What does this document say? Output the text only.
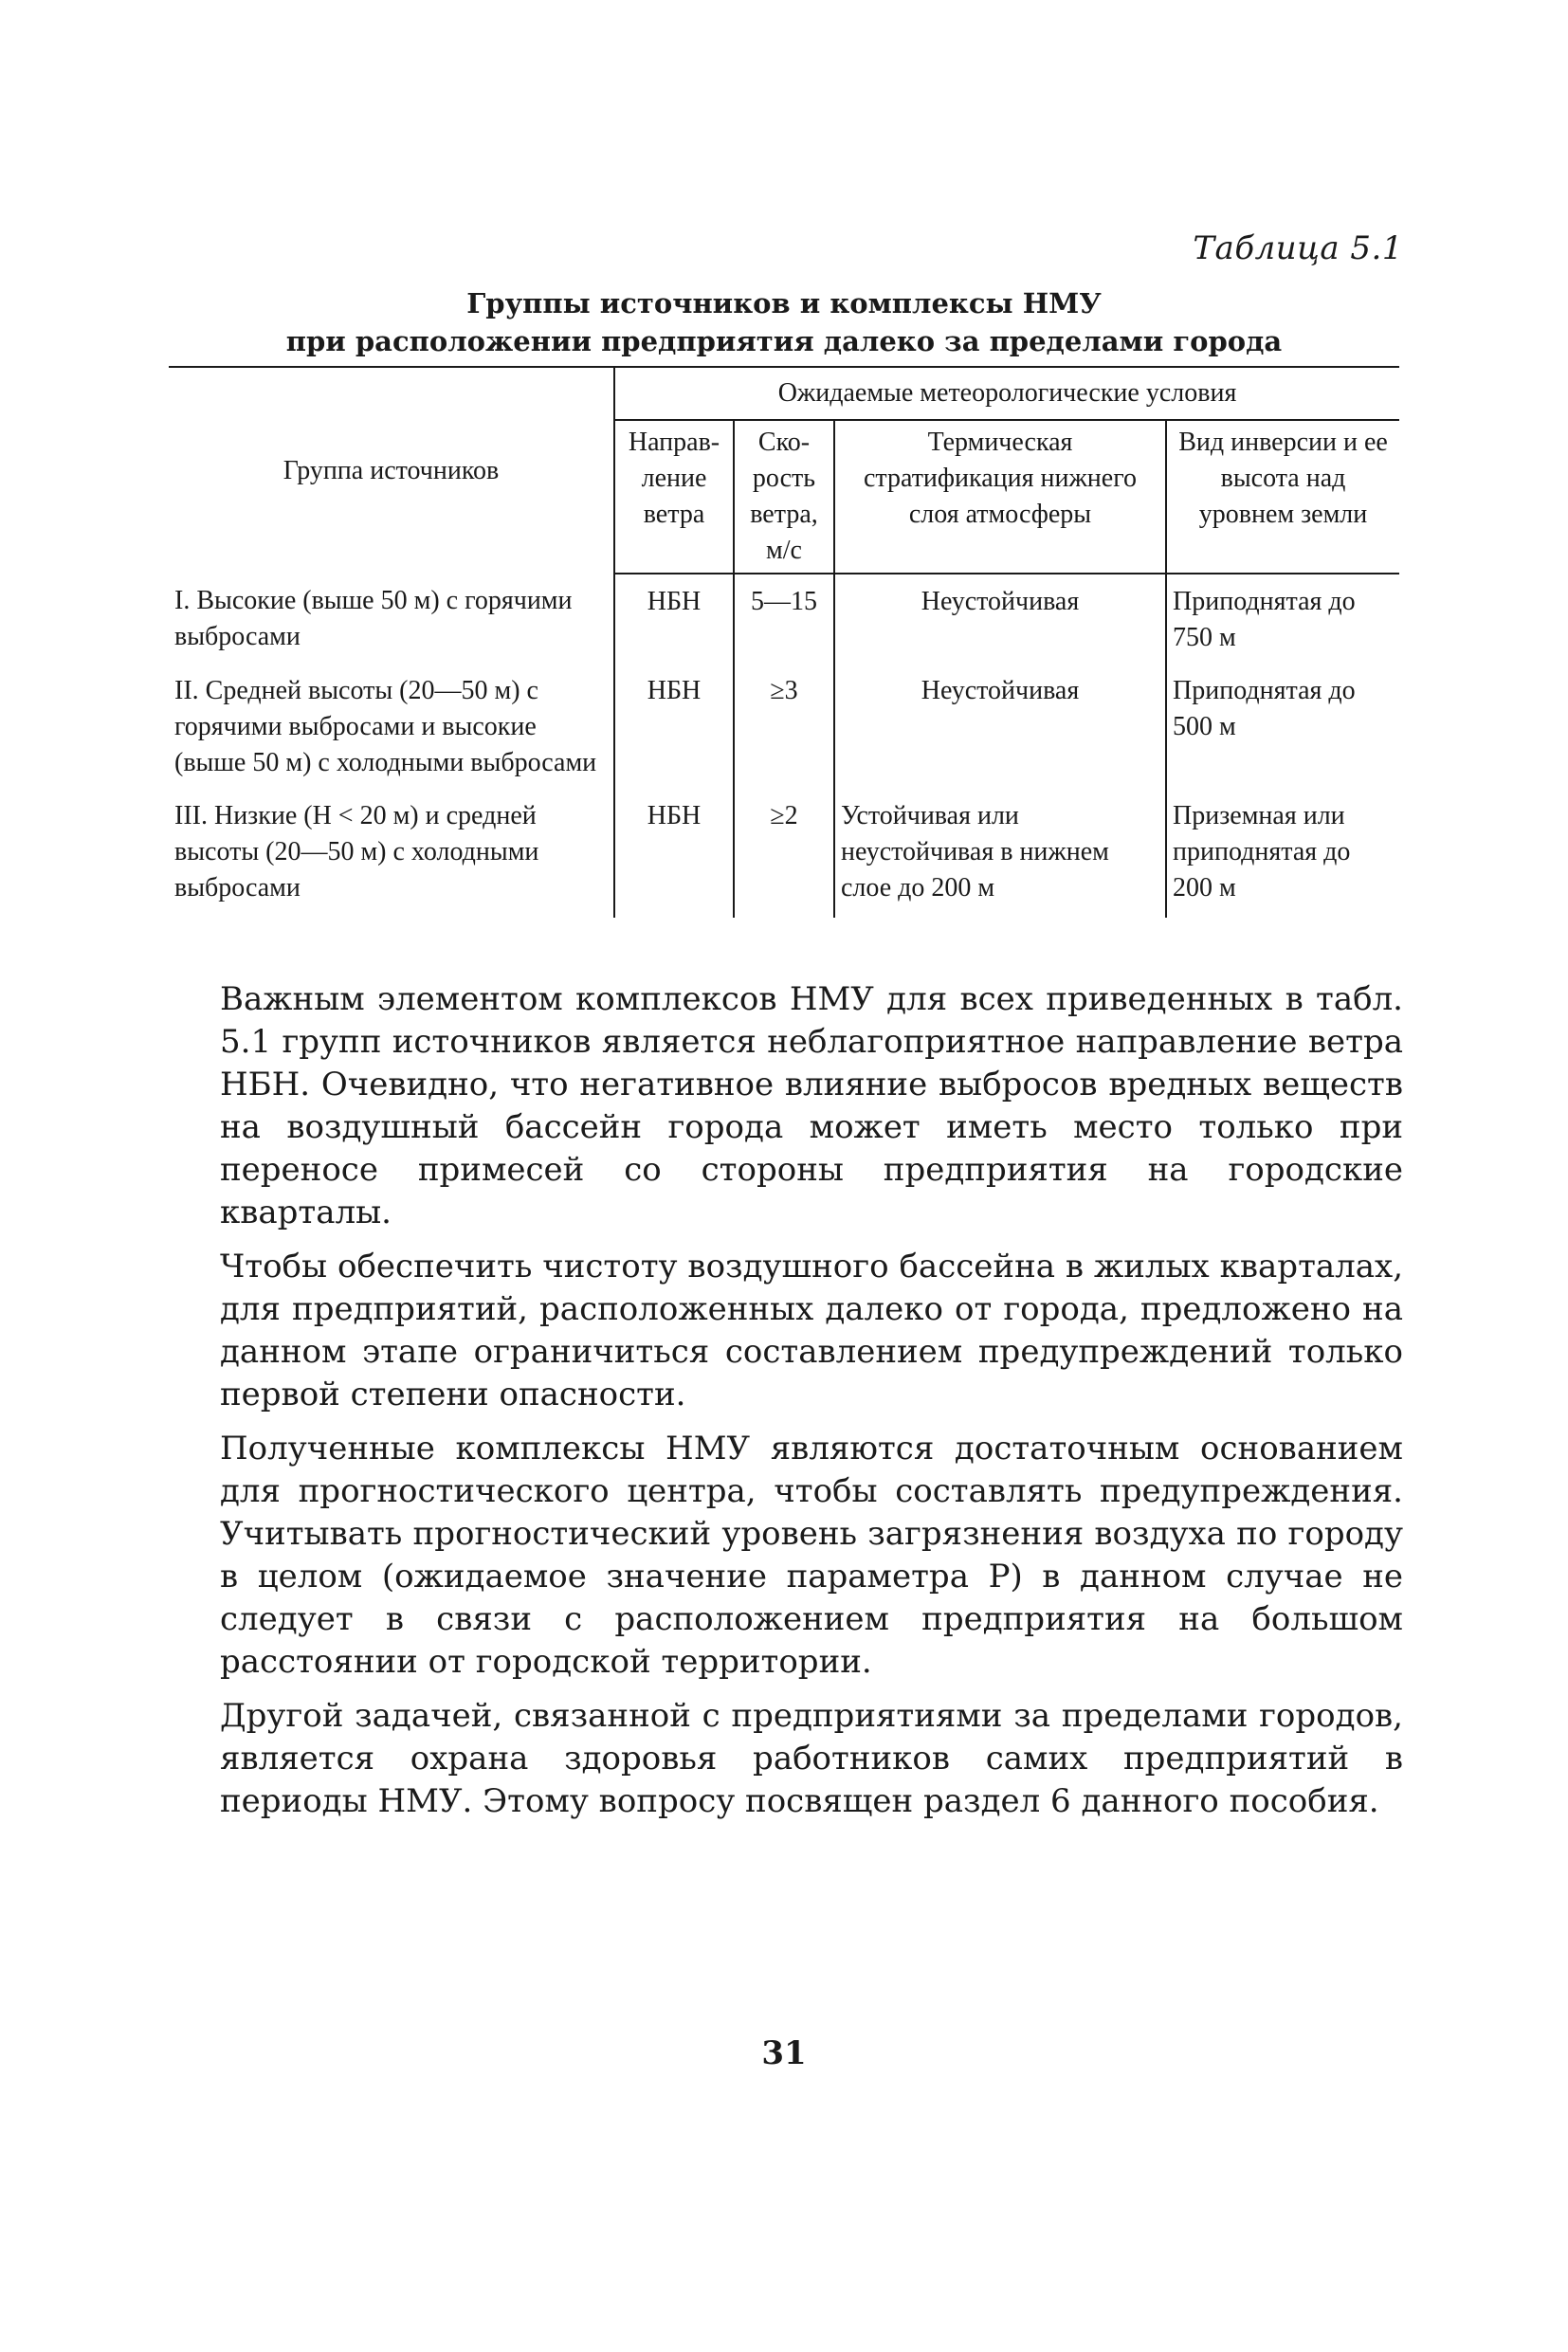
Таблица 5.1
Группы источников и комплексы НМУ
при расположении предприятия далеко за пределами города
Группа источников	Ожидаемые метеорологические условия			
	Направ-ление ветра	Ско-рость ветра, м/с	Термическая стратификация нижнего слоя атмосферы	Вид инверсии и ее высота над уровнем земли
I. Высокие (выше 50 м) с горячими выбросами	НБН	5—15	Неустойчивая	Приподнятая до 750 м
II. Средней высоты (20—50 м) с горячими выбросами и высокие (выше 50 м) с холодными выбросами	НБН	≥3	Неустойчивая	Приподнятая до 500 м
III. Низкие (H < 20 м) и средней высоты (20—50 м) с холодными выбросами	НБН	≥2	Устойчивая или неустойчивая в нижнем слое до 200 м	Приземная или приподнятая до 200 м

Важным элементом комплексов НМУ для всех приведенных в табл. 5.1 групп источников является неблагоприятное направление ветра НБН. Очевидно, что негативное влияние выбросов вредных веществ на воздушный бассейн города может иметь место только при переносе примесей со стороны предприятия на городские кварталы.

Чтобы обеспечить чистоту воздушного бассейна в жилых кварталах, для предприятий, расположенных далеко от города, предложено на данном этапе ограничиться составлением предупреждений только первой степени опасности.

Полученные комплексы НМУ являются достаточным основанием для прогностического центра, чтобы составлять предупреждения. Учитывать прогностический уровень загрязнения воздуха по городу в целом (ожидаемое значение параметра P) в данном случае не следует в связи с расположением предприятия на большом расстоянии от городской территории.

Другой задачей, связанной с предприятиями за пределами городов, является охрана здоровья работников самих предприятий в периоды НМУ. Этому вопросу посвящен раздел 6 данного пособия.

31
